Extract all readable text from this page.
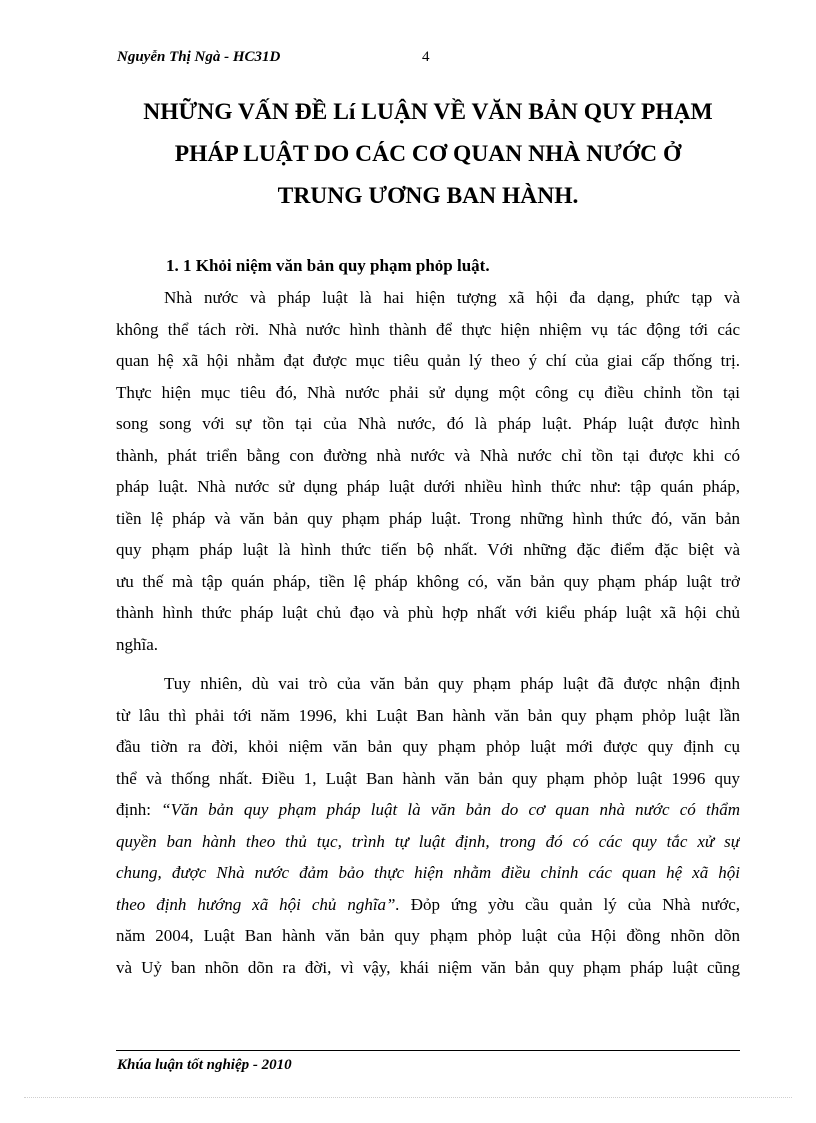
Nguyễn Thị Ngà - HC31D	4
NHỮNG VẤN ĐỀ Lí LUẬN VỀ VĂN BẢN QUY PHẠM
PHÁP LUẬT DO CÁC CƠ QUAN NHÀ NƯỚC Ở
TRUNG ƯƠNG BAN HÀNH.
1. 1 Khỏi niệm văn bản quy phạm phỏp luật.
Nhà nước và pháp luật là hai hiện tượng xã hội đa dạng, phức tạp và
không thể tách rời. Nhà nước hình thành để thực hiện nhiệm vụ tác động tới các
quan hệ xã hội nhằm đạt được mục tiêu quản lý theo ý chí của giai cấp thống trị.
Thực hiện mục tiêu đó, Nhà nước phải sử dụng một công cụ điều chỉnh tồn tại
song song với sự tồn tại của Nhà nước, đó là pháp luật. Pháp luật được hình
thành, phát triển bằng con đường nhà nước và Nhà nước chỉ tồn tại được khi có
pháp luật. Nhà nước sử dụng pháp luật dưới nhiều hình thức như: tập quán pháp,
tiền lệ pháp và văn bản quy phạm pháp luật. Trong những hình thức đó, văn bản
quy phạm pháp luật là hình thức tiến bộ nhất. Với những đặc điểm đặc biệt và
ưu thế mà tập quán pháp, tiền lệ pháp không có, văn bản quy phạm pháp luật trở
thành hình thức pháp luật chủ đạo và phù hợp nhất với kiểu pháp luật xã hội chủ
nghĩa.
Tuy nhiên, dù vai trò của văn bản quy phạm pháp luật đã được nhận định
từ lâu thì phải tới năm 1996, khi Luật Ban hành văn bản quy phạm phỏp luật lần
đầu tiờn ra đời, khỏi niệm văn bản quy phạm phỏp luật mới được quy định cụ
thể và thống nhất. Điều 1, Luật Ban hành văn bản quy phạm phỏp luật 1996 quy
định: “Văn bản quy phạm pháp luật là văn bản do cơ quan nhà nước có thẩm
quyền ban hành theo thủ tục, trình tự luật định, trong đó có các quy tắc xử sự
chung, được Nhà nước đảm bảo thực hiện nhằm điều chỉnh các quan hệ xã hội
theo định hướng xã hội chủ nghĩa”. Đỏp ứng yờu cầu quản lý của Nhà nước,
năm 2004, Luật Ban hành văn bản quy phạm phỏp luật của Hội đồng nhõn dõn
và Uỷ ban nhõn dõn ra đời, vì vậy, khái niệm văn bản quy phạm pháp luật cũng
Khúa luận tốt nghiệp - 2010
